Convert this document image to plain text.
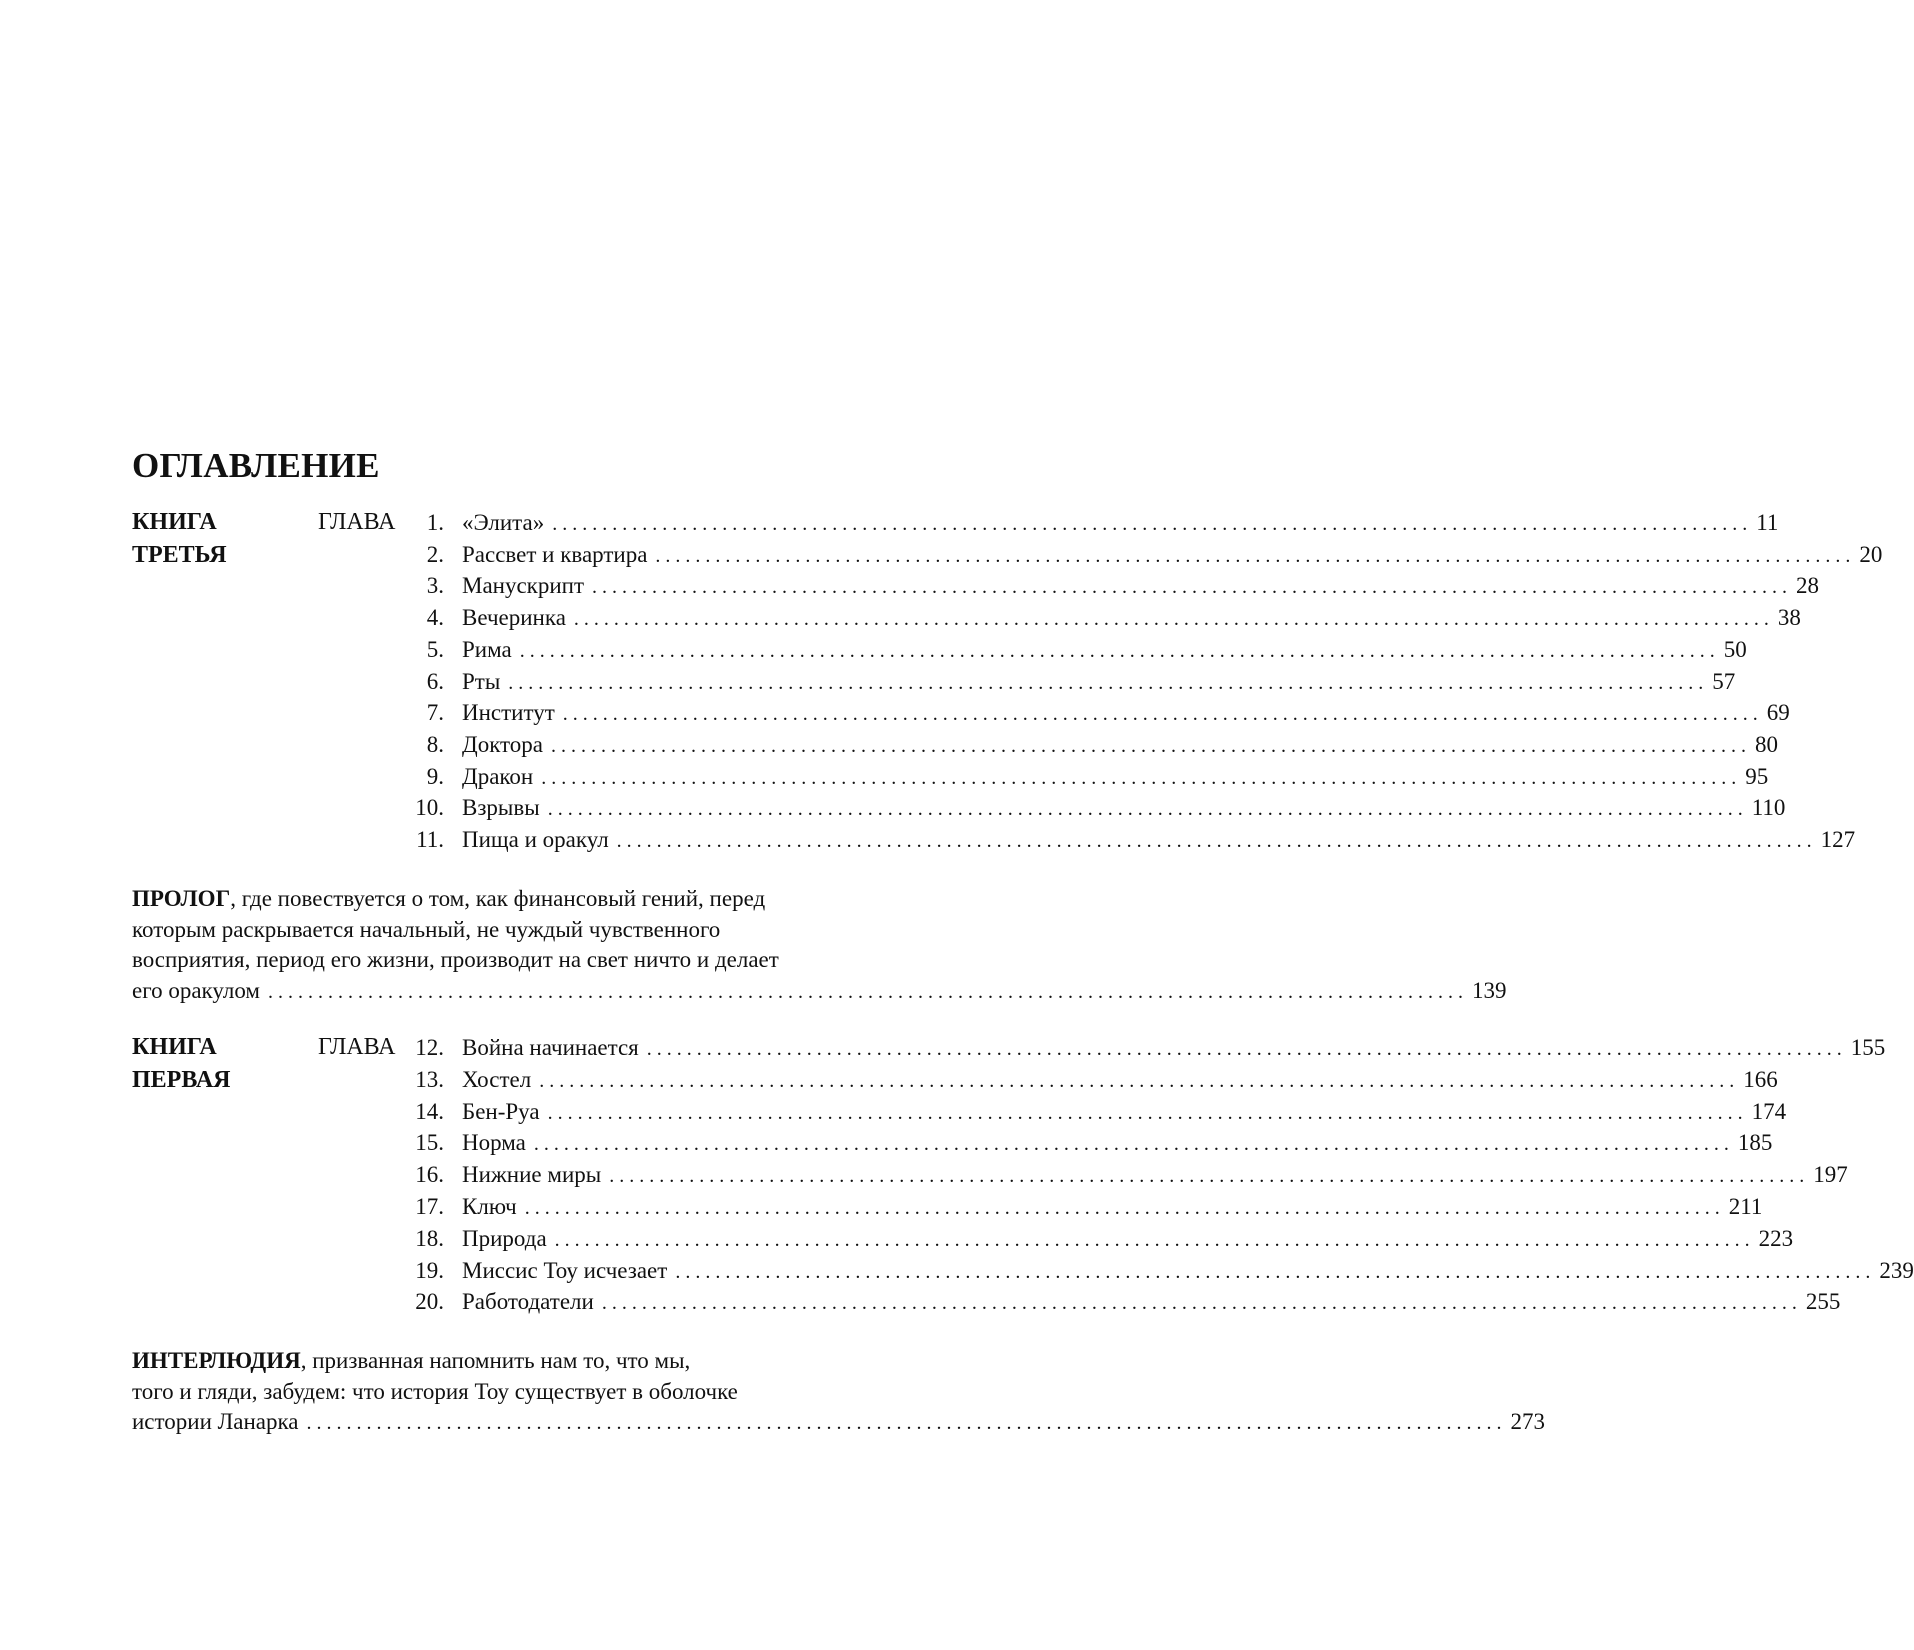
ОГЛАВЛЕНИЕ
КНИГА
ТРЕТЬЯ
ГЛАВА 1. «Элита» ........................................................................................................................ 11
2. Рассвет и квартира ........................................................................................................................ 20
3. Манускрипт ........................................................................................................................ 28
4. Вечеринка ........................................................................................................................ 38
5. Рима ........................................................................................................................ 50
6. Рты ........................................................................................................................ 57
7. Институт ........................................................................................................................ 69
8. Доктора ........................................................................................................................ 80
9. Дракон ........................................................................................................................ 95
10. Взрывы ........................................................................................................................ 110
11. Пища и оракул ........................................................................................................................ 127
ПРОЛОГ, где повествуется о том, как финансовый гений, перед
которым раскрывается начальный, не чуждый чувственного
восприятия, период его жизни, производит на свет ничто и делает
его оракулом ........................................................................................................................ 139
КНИГА
ПЕРВАЯ
ГЛАВА 12. Война начинается ........................................................................................................................ 155
13. Хостел ........................................................................................................................ 166
14. Бен-Руа ........................................................................................................................ 174
15. Норма ........................................................................................................................ 185
16. Нижние миры ........................................................................................................................ 197
17. Ключ ........................................................................................................................ 211
18. Природа ........................................................................................................................ 223
19. Миссис Тоу исчезает ........................................................................................................................ 239
20. Работодатели ........................................................................................................................ 255
ИНТЕРЛЮДИЯ, призванная напомнить нам то, что мы,
того и гляди, забудем: что история Тоу существует в оболочке
истории Ланарка ........................................................................................................................ 273
